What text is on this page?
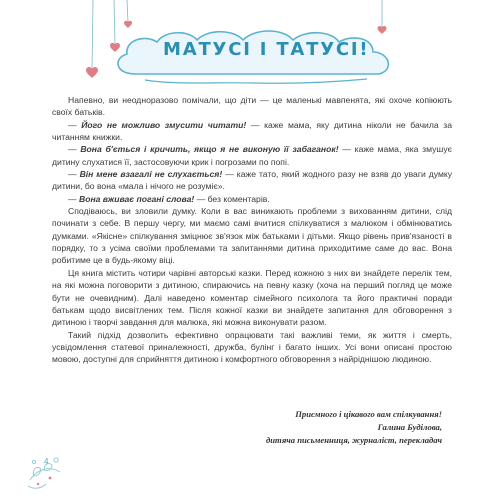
МАТУСІ І ТАТУСІ!

Напевно, ви неодноразово помічали, що діти — це маленькі мавпенята, які охоче копіюють своїх батьків.

— Його не можливо змусити читати! — каже мама, яку дитина ніколи не бачила за читанням книжки.

— Вона б'ється і кричить, якщо я не виконую її забаганок! — каже мама, яка змушує дитину слухатися її, застосовуючи крик і погрозами по попі.

— Він мене взагалі не слухається! — каже тато, який жодного разу не взяв до уваги думку дитини, бо вона «мала і нічого не розуміє».

— Вона вживає погані слова! — без коментарів.

Сподіваюсь, ви зловили думку. Коли в вас виникають проблеми з вихованням дитини, слід починати з себе. В першу чергу, ми маємо самі вчитися спілкуватися з малюком і обмінюватись думками. «Якісне» спілкування зміцнює зв'язок між батьками і дітьми. Якщо рівень прив'язаності в порядку, то з усіма своїми проблемами та запитаннями дитина приходитиме саме до вас. Вона робитиме це в будь-якому віці.

Ця книга містить чотири чарівні авторські казки. Перед кожною з них ви знайдете перелік тем, на які можна поговорити з дитиною, спираючись на певну казку (хоча на перший погляд це може бути не очевидним). Далі наведено коментар сімейного психолога та його практичні поради батькам щодо висвітлених тем. Після кожної казки ви знайдете запитання для обговорення з дитиною і творчі завдання для малюка, які можна виконувати разом.

Такий підхід дозволить ефективно опрацювати такі важливі теми, як життя і смерть, усвідомлення статевої приналежності, дружба, булінг і багато інших. Усі вони описані простою мовою, доступні для сприйняття дитиною і комфортного обговорення з найріднішою людиною.

Приємного і цікавого вам спілкування!
Галина Буділова,
дитяча письменниця, журналіст, перекладач
4
